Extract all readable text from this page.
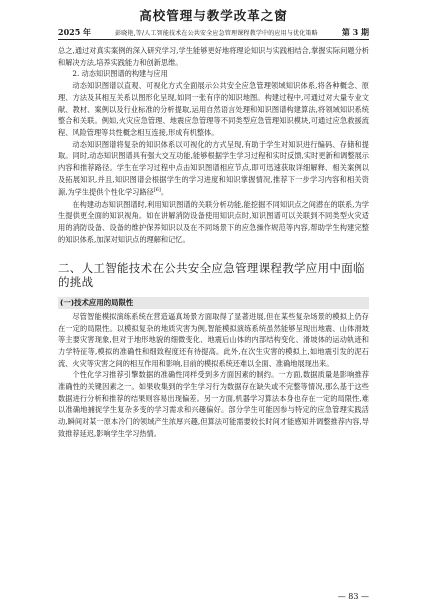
高校管理与教学改革之窗
2025 年	彭晓艳,等/人工智能技术在公共安全应急管理课程教学中的应用与优化策略	第 3 期

总之,通过对真实案例的深入研究学习,学生能够更好地将理论知识与实践相结合,掌握实际问题分析和解决方法,培养实践能力和创新思维。

2. 动态知识图谱的构建与应用

动态知识图谱以直观、可视化方式全面展示公共安全应急管理领域知识体系,将各种概念、原理、方法及其相互关系以图形化呈现,如同一张有序的知识地图。构建过程中,可通过对大量专业文献、教材、案例以及行业标准的分析提取,运用自然语言处理和知识图谱构建算法,将领域知识系统整合和关联。例如,火灾应急管理、地震应急管理等不同类型应急管理知识模块,可通过应急救援流程、风险管理等共性概念相互连接,形成有机整体。

动态知识图谱将复杂的知识体系以可视化的方式呈现,有助于学生对知识进行编码、存储和提取。同时,动态知识图谱具有强大交互功能,能够根据学生学习过程和实时反馈,实时更新和调整展示内容和推荐路径。学生在学习过程中点击知识图谱相应节点,即可迅速获取详细解释、相关案例以及拓展知识,并且,知识图谱会根据学生的学习进度和知识掌握情况,推荐下一步学习内容和相关资源,为学生提供个性化学习路径[6]。

在构建动态知识图谱时,利用知识图谱的关联分析功能,能挖掘不同知识点之间潜在的联系,为学生提供更全面的知识视角。如在讲解消防设备使用知识点时,知识图谱可以关联到不同类型火灾适用的消防设备、设备的维护保养知识以及在不同场景下的应急操作规范等内容,帮助学生构建完整的知识体系,加深对知识点的理解和记忆。

二、人工智能技术在公共安全应急管理课程教学应用中面临的挑战
(一)技术应用的局限性

尽管智能模拟演练系统在营造逼真场景方面取得了显著进展,但在某些复杂场景的模拟上仍存在一定的局限性。以模拟复杂的地质灾害为例,智能模拟演练系统虽然能够呈现出地震、山体滑坡等主要灾害现象,但对于地形地貌的细微变化、地震后山体的内部结构变化、滑坡体的运动轨迹和力学特征等,模拟的准确性和细致程度还有待提高。此外,在次生灾害的模拟上,如地震引发的泥石流、火灾等灾害之间的相互作用和影响,目前的模拟系统还难以全面、准确地展现出来。

个性化学习推荐引擎数据的准确性同样受到多方面因素的制约。一方面,数据质量是影响推荐准确性的关键因素之一。如果收集到的学生学习行为数据存在缺失或不完整等情况,那么基于这些数据进行分析和推荐的结果则容易出现偏差。另一方面,机器学习算法本身也存在一定的局限性,难以准确地捕捉学生复杂多变的学习需求和兴趣偏好。部分学生可能因参与特定的应急管理实践活动,瞬间对某一原本冷门的领域产生浓厚兴趣,但算法可能需要较长时间才能感知并调整推荐内容,导致推荐延迟,影响学生学习热情。

— 83 —
